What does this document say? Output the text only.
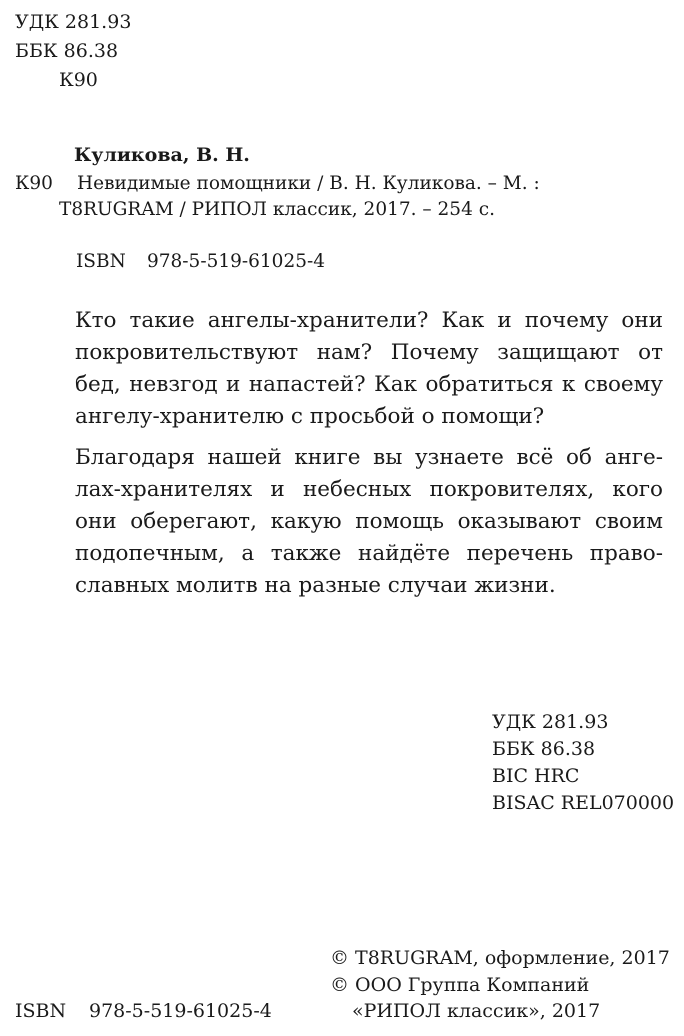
УДК 281.93
ББК 86.38
К90
Куликова, В. Н.
К90 Невидимые помощники / В. Н. Куликова. – М. :
T8RUGRAM / РИПОЛ классик, 2017. – 254 с.
ISBN 978-5-519-61025-4
Кто такие ангелы-хранители? Как и почему они
покровительствуют нам? Почему защищают от
бед, невзгод и напастей? Как обратиться к своему
ангелу-хранителю с просьбой о помощи?
Благодаря нашей книге вы узнаете всё об анге-
лах-хранителях и небесных покровителях, кого
они оберегают, какую помощь оказывают своим
подопечным, а также найдёте перечень право-
славных молитв на разные случаи жизни.
УДК 281.93
ББК 86.38
BIC HRC
BISAC REL070000
© T8RUGRAM, оформление, 2017
© ООО Группа Компаний
«РИПОЛ классик», 2017
ISBN 978-5-519-61025-4
